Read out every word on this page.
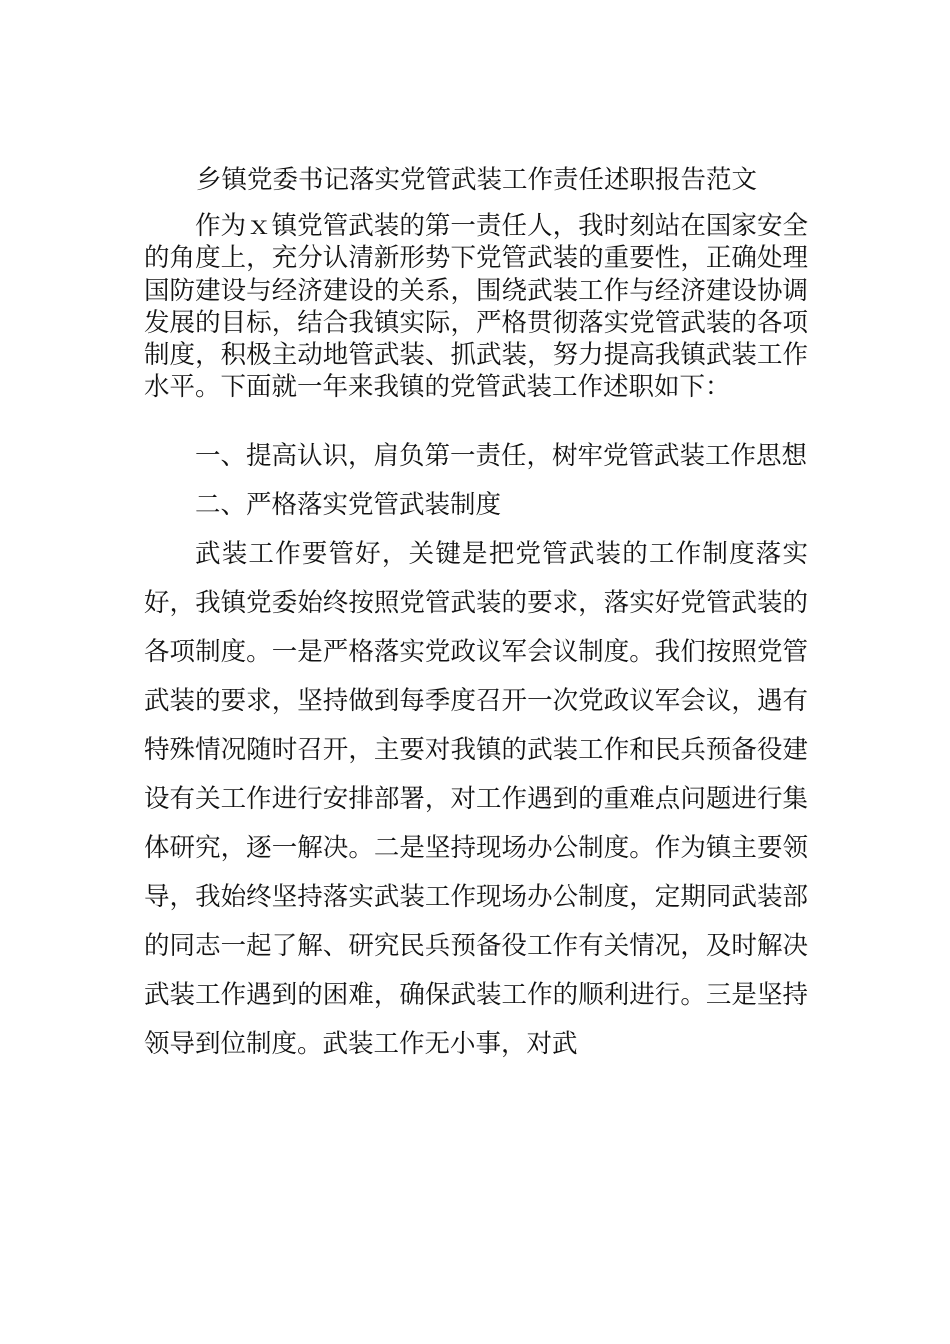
乡镇党委书记落实党管武装工作责任述职报告范文

作为ｘ镇党管武装的第一责任人，我时刻站在国家安全的角度上，充分认清新形势下党管武装的重要性，正确处理国防建设与经济建设的关系，围绕武装工作与经济建设协调发展的目标，结合我镇实际，严格贯彻落实党管武装的各项制度，积极主动地管武装、抓武装，努力提高我镇武装工作水平。下面就一年来我镇的党管武装工作述职如下：

一、提高认识，肩负第一责任，树牢党管武装工作思想

二、严格落实党管武装制度

武装工作要管好，关键是把党管武装的工作制度落实好，我镇党委始终按照党管武装的要求，落实好党管武装的各项制度。一是严格落实党政议军会议制度。我们按照党管武装的要求，坚持做到每季度召开一次党政议军会议，遇有特殊情况随时召开，主要对我镇的武装工作和民兵预备役建设有关工作进行安排部署，对工作遇到的重难点问题进行集体研究，逐一解决。二是坚持现场办公制度。作为镇主要领导，我始终坚持落实武装工作现场办公制度，定期同武装部的同志一起了解、研究民兵预备役工作有关情况，及时解决武装工作遇到的困难，确保武装工作的顺利进行。三是坚持领导到位制度。武装工作无小事，对武
